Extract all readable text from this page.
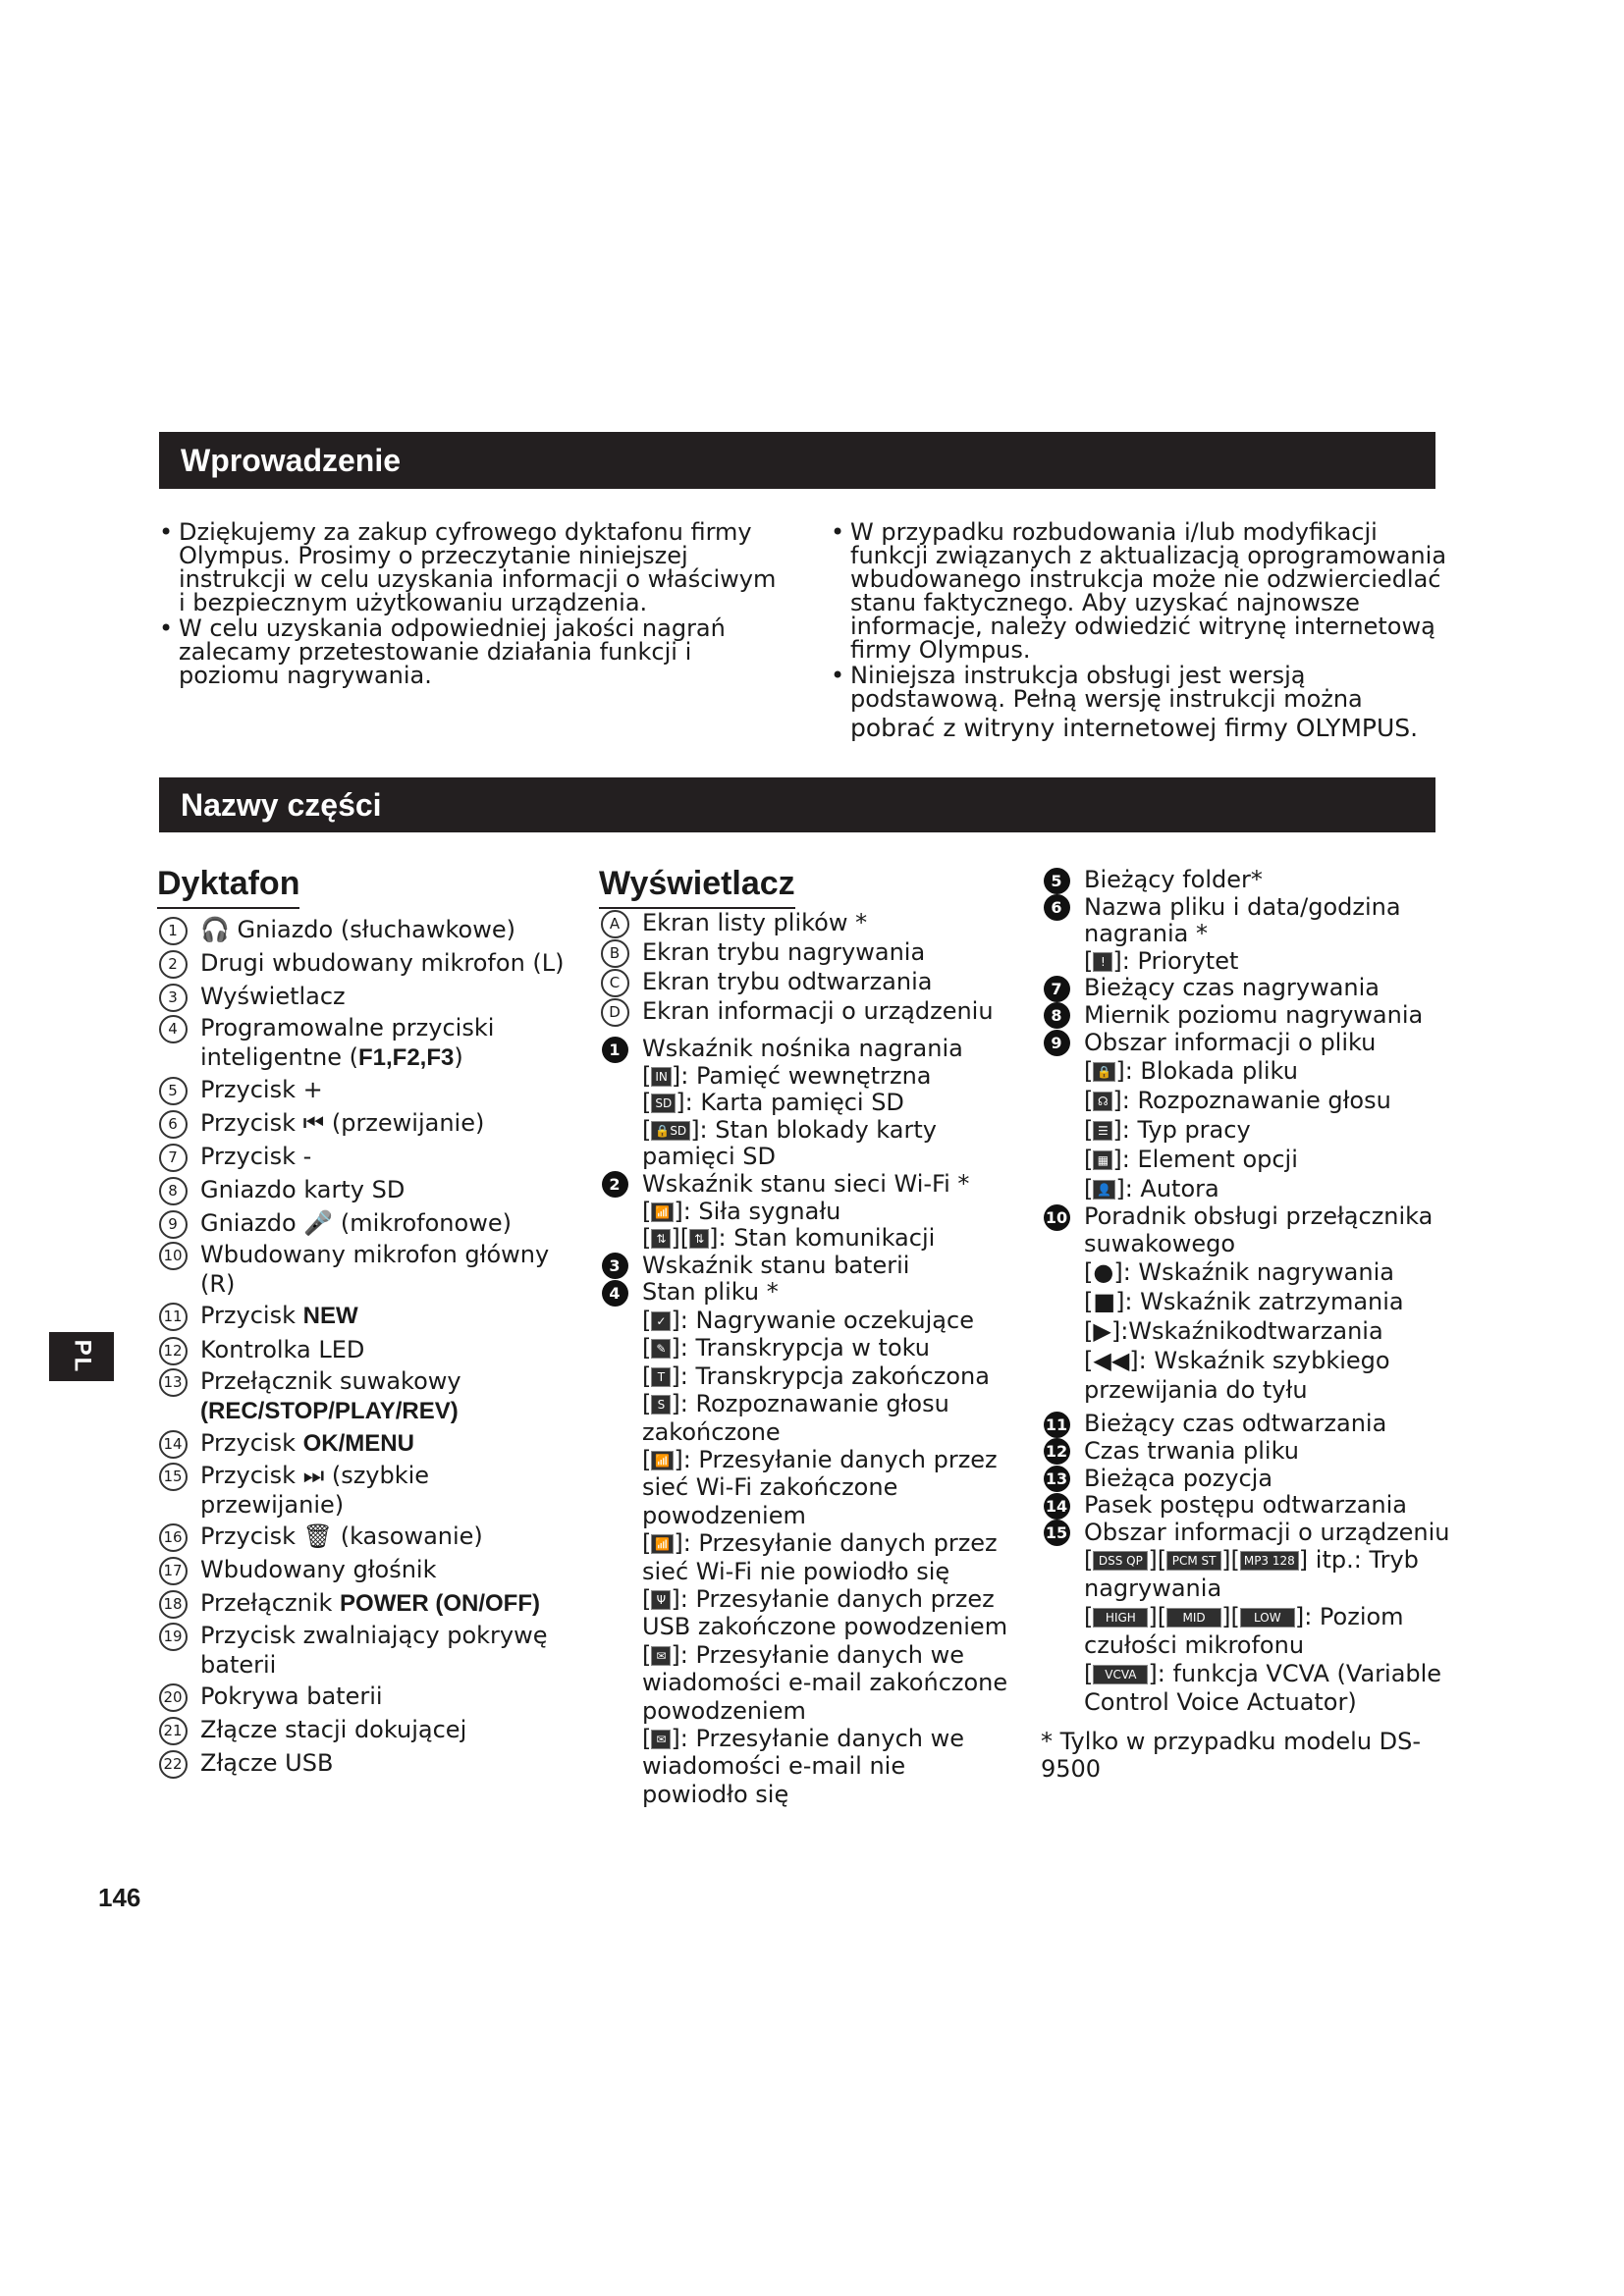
Wprowadzenie
Nazwy części
• Dziękujemy za zakup cyfrowego dyktafonu firmy Olympus. Prosimy o przeczytanie niniejszej instrukcji w celu uzyskania informacji o właściwym i bezpiecznym użytkowaniu urządzenia.
• W celu uzyskania odpowiedniej jakości nagrań zalecamy przetestowanie działania funkcji i poziomu nagrywania.
• W przypadku rozbudowania i/lub modyfikacji funkcji związanych z aktualizacją oprogramowania wbudowanego instrukcja może nie odzwierciedlać stanu faktycznego. Aby uzyskać najnowsze informacje, należy odwiedzić witrynę internetową firmy Olympus.
• Niniejsza instrukcja obsługi jest wersją podstawową. Pełną wersję instrukcji można
pobrać z witryny internetowej firmy OLYMPUS.
Dyktafon	Wyświetlacz
1 🎧 Gniazdo (słuchawkowe)
2 Drugi wbudowany mikrofon (L)
3 Wyświetlacz
4 Programowalne przyciski inteligentne (F1,F2,F3)
5 Przycisk +
6 Przycisk ⏮ (przewijanie)
7 Przycisk -
8 Gniazdo karty SD
9 Gniazdo 🎤 (mikrofonowe)
10 Wbudowany mikrofon główny (R)
11 Przycisk NEW
12 Kontrolka LED
13 Przełącznik suwakowy
(REC/STOP/PLAY/REV)
14 Przycisk OK/MENU
15 Przycisk ⏭ (szybkie przewijanie)
16 Przycisk 🗑 (kasowanie)
17 Wbudowany głośnik
18 Przełącznik POWER (ON/OFF)
19 Przycisk zwalniający pokrywę baterii
20 Pokrywa baterii
21 Złącze stacji dokującej
22 Złącze USB
A Ekran listy plików *
B Ekran trybu nagrywania
C Ekran trybu odtwarzania
D Ekran informacji o urządzeniu
1 Wskaźnik nośnika nagrania
[ IN ]: Pamięć wewnętrzna
[ SD ]: Karta pamięci SD
[ 🔒SD ]: Stan blokady karty pamięci SD
2 Wskaźnik stanu sieci Wi-Fi *
[ 📶 ]: Siła sygnału
[ ⇅ ][ ⇅ ]: Stan komunikacji
3 Wskaźnik stanu baterii
4 Stan pliku *
[ ✓ ]: Nagrywanie oczekujące
[ ✎ ]: Transkrypcja w toku
[ T ]: Transkrypcja zakończona
[ S ]: Rozpoznawanie głosu zakończone
[ 📶 ]: Przesyłanie danych przez sieć Wi-Fi zakończone powodzeniem
[ 📶 ]: Przesyłanie danych przez sieć Wi-Fi nie powiodło się
[ Ψ ]: Przesyłanie danych przez USB zakończone powodzeniem
[ ✉ ]: Przesyłanie danych we wiadomości e-mail zakończone powodzeniem
[ ✉ ]: Przesyłanie danych we wiadomości e-mail nie powiodło się
5 Bieżący folder*
6 Nazwa pliku i data/godzina nagrania *
[ ! ]: Priorytet
7 Bieżący czas nagrywania
8 Miernik poziomu nagrywania
9 Obszar informacji o pliku
[ 🔒 ]: Blokada pliku
[ ☊ ]: Rozpoznawanie głosu
[ ☰ ]: Typ pracy
[ ▦ ]: Element opcji
[ 👤 ]: Autora
10 Poradnik obsługi przełącznika suwakowego
[●]: Wskaźnik nagrywania
[■]: Wskaźnik zatrzymania
[▶]:Wskaźnikodtwarzania
[◀◀]: Wskaźnik szybkiego przewijania do tyłu
11 Bieżący czas odtwarzania
12 Czas trwania pliku
13 Bieżąca pozycja
14 Pasek postępu odtwarzania
15 Obszar informacji o urządzeniu
[ DSS QP ][ PCM ST ][ MP3 128 ] itp.: Tryb nagrywania
[ HIGH ][ MID ][ LOW ]: Poziom czułości mikrofonu
[ VCVA ]: funkcja VCVA (Variable Control Voice Actuator)
* Tylko w przypadku modelu DS-9500
PL
146
